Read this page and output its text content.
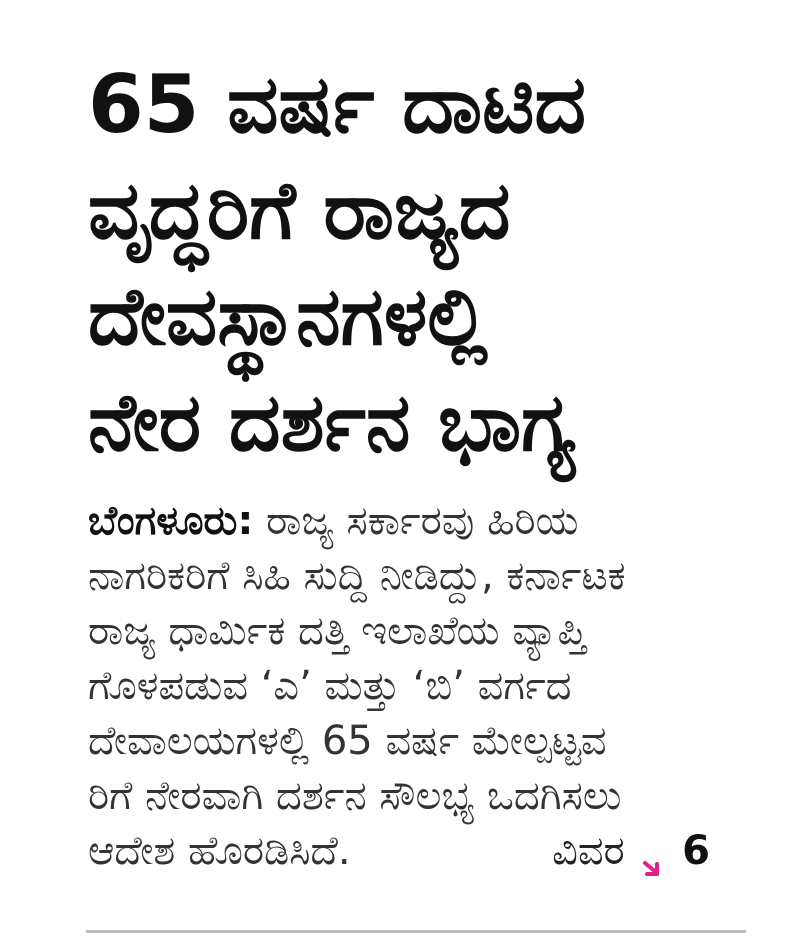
65 ವರ್ಷ ದಾಟಿದ
ವೃದ್ಧರಿಗೆ ರಾಜ್ಯದ
ದೇವಸ್ಥಾನಗಳಲ್ಲಿ
ನೇರ ದರ್ಶನ ಭಾಗ್ಯ
ಬೆಂಗಳೂರು: ರಾಜ್ಯ ಸರ್ಕಾರವು ಹಿರಿಯ
ನಾಗರಿಕರಿಗೆ ಸಿಹಿ ಸುದ್ದಿ ನೀಡಿದ್ದು, ಕರ್ನಾಟಕ
ರಾಜ್ಯ ಧಾರ್ಮಿಕ ದತ್ತಿ ಇಲಾಖೆಯ ವ್ಯಾಪ್ತಿ
ಗೊಳಪಡುವ ‘ಎ’ ಮತ್ತು ‘ಬಿ’ ವರ್ಗದ
ದೇವಾಲಯಗಳಲ್ಲಿ 65 ವರ್ಷ ಮೇಲ್ಪಟ್ಟವ
ರಿಗೆ ನೇರವಾಗಿ ದರ್ಶನ ಸೌಲಭ್ಯ ಒದಗಿಸಲು
ಆದೇಶ ಹೊರಡಿಸಿದೆ.	ವಿವರ 6
